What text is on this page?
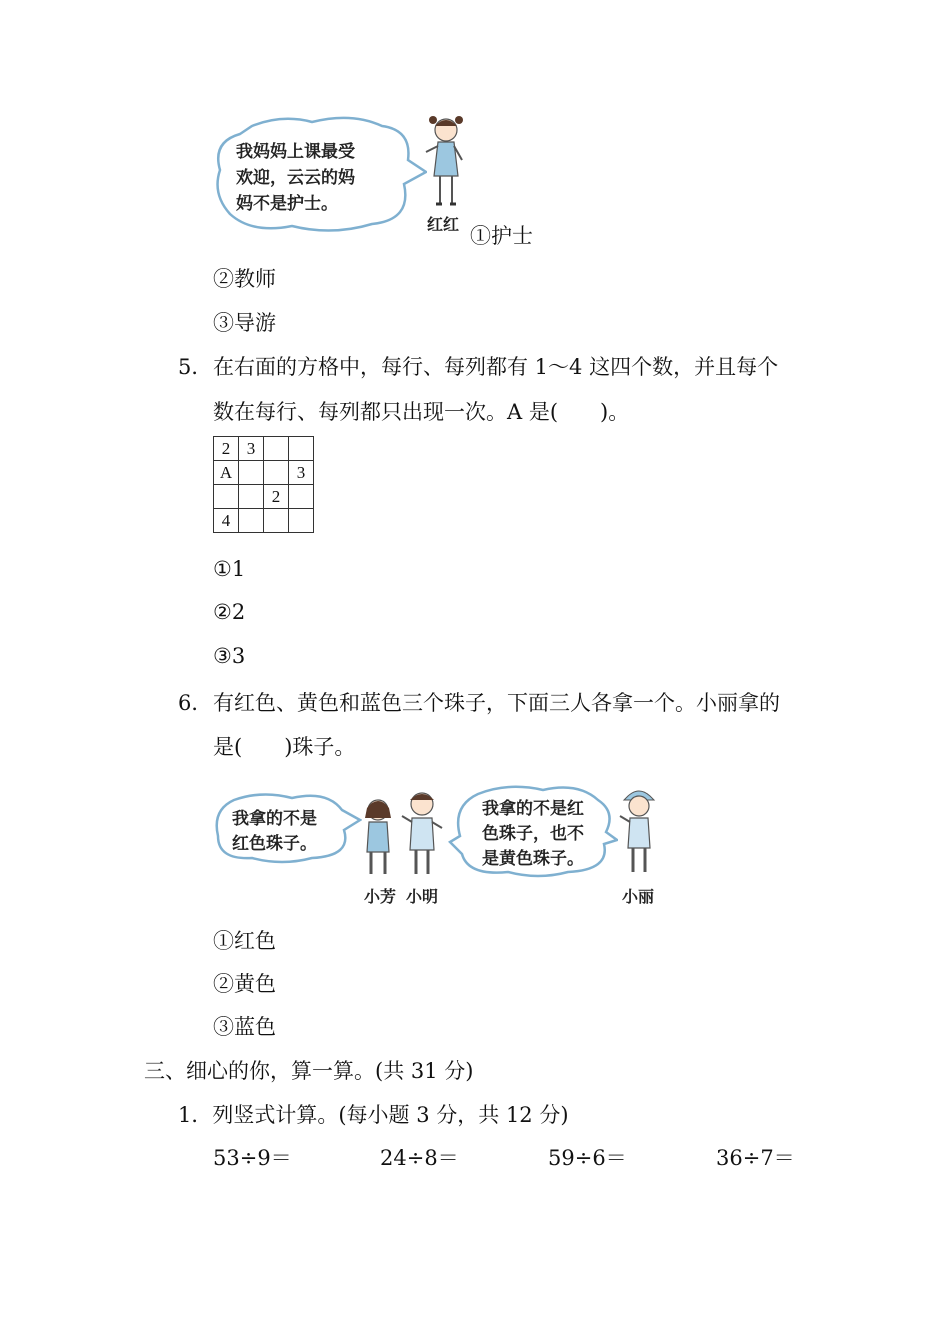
我妈妈上课最受
欢迎，云云的妈
妈不是护士。
红红 ①护士
②教师
③导游
5． 在右面的方格中，每行、每列都有 1～4 这四个数，并且每个
数在每行、每列都只出现一次。A 是(　　)。
2	3		
A			3
		2	
4			
①1
②2
③3
6． 有红色、黄色和蓝色三个珠子，下面三人各拿一个。小丽拿的
是(　　)珠子。
我拿的不是
红色珠子。
我拿的不是红
色珠子，也不
是黄色珠子。
小芳 小明	小丽
①红色
②黄色
③蓝色
三、细心的你，算一算。(共 31 分)
1．列竖式计算。(每小题 3 分，共 12 分)
53÷9＝	24÷8＝	59÷6＝	36÷7＝
